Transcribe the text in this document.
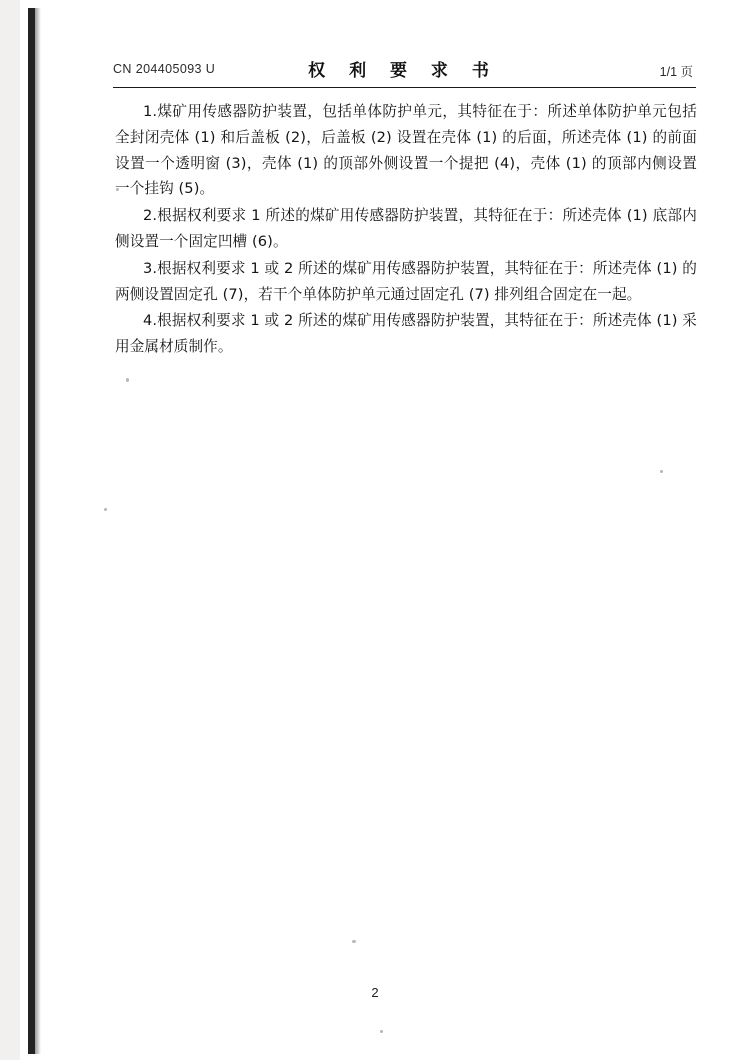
CN 204405093 U	权 利 要 求 书	1/1 页

1.煤矿用传感器防护装置，包括单体防护单元，其特征在于：所述单体防护单元包括全封闭壳体 (1) 和后盖板 (2)，后盖板 (2) 设置在壳体 (1) 的后面，所述壳体 (1) 的前面设置一个透明窗 (3)，壳体 (1) 的顶部外侧设置一个提把 (4)，壳体 (1) 的顶部内侧设置一个挂钩 (5)。

2.根据权利要求 1 所述的煤矿用传感器防护装置，其特征在于：所述壳体 (1) 底部内侧设置一个固定凹槽 (6)。

3.根据权利要求 1 或 2 所述的煤矿用传感器防护装置，其特征在于：所述壳体 (1) 的两侧设置固定孔 (7)，若干个单体防护单元通过固定孔 (7) 排列组合固定在一起。

4.根据权利要求 1 或 2 所述的煤矿用传感器防护装置，其特征在于：所述壳体 (1) 采用金属材质制作。

2
